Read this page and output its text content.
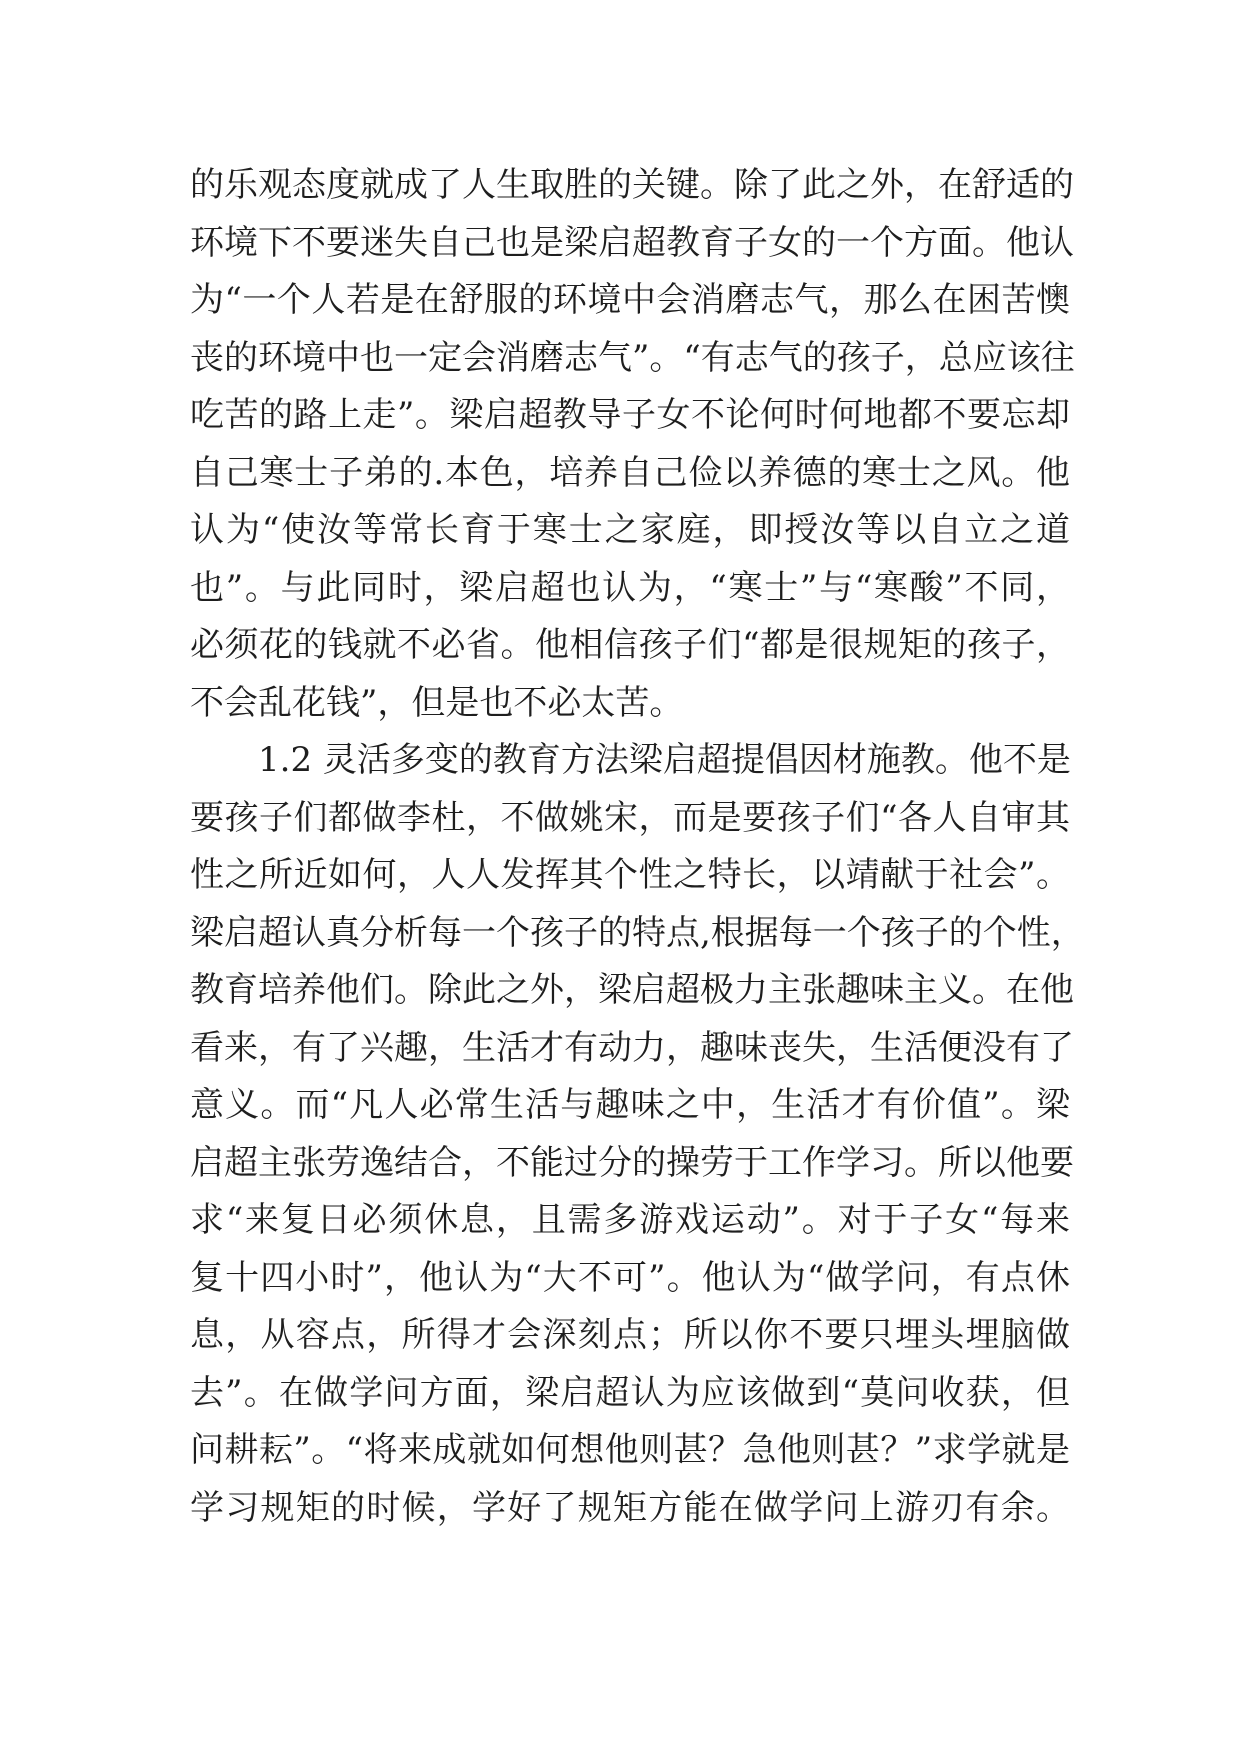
的乐观态度就成了人生取胜的关键。除了此之外，在舒适的
环境下不要迷失自己也是梁启超教育子女的一个方面。他认
为“一个人若是在舒服的环境中会消磨志气，那么在困苦懊
丧的环境中也一定会消磨志气”。“有志气的孩子，总应该往
吃苦的路上走”。梁启超教导子女不论何时何地都不要忘却
自己寒士子弟的.本色，培养自己俭以养德的寒士之风。他
认为“使汝等常长育于寒士之家庭，即授汝等以自立之道
也”。与此同时，梁启超也认为，“寒士”与“寒酸”不同，
必须花的钱就不必省。他相信孩子们“都是很规矩的孩子，
不会乱花钱”，但是也不必太苦。
1.2 灵活多变的教育方法梁启超提倡因材施教。他不是
要孩子们都做李杜，不做姚宋，而是要孩子们“各人自审其
性之所近如何，人人发挥其个性之特长，以靖献于社会”。
梁启超认真分析每一个孩子的特点,根据每一个孩子的个性，
教育培养他们。除此之外，梁启超极力主张趣味主义。在他
看来，有了兴趣，生活才有动力，趣味丧失，生活便没有了
意义。而“凡人必常生活与趣味之中，生活才有价值”。梁
启超主张劳逸结合，不能过分的操劳于工作学习。所以他要
求“来复日必须休息，且需多游戏运动”。对于子女“每来
复十四小时”，他认为“大不可”。他认为“做学问，有点休
息，从容点，所得才会深刻点；所以你不要只埋头埋脑做
去”。在做学问方面，梁启超认为应该做到“莫问收获，但
问耕耘”。“将来成就如何想他则甚？急他则甚？”求学就是
学习规矩的时候，学好了规矩方能在做学问上游刃有余。
